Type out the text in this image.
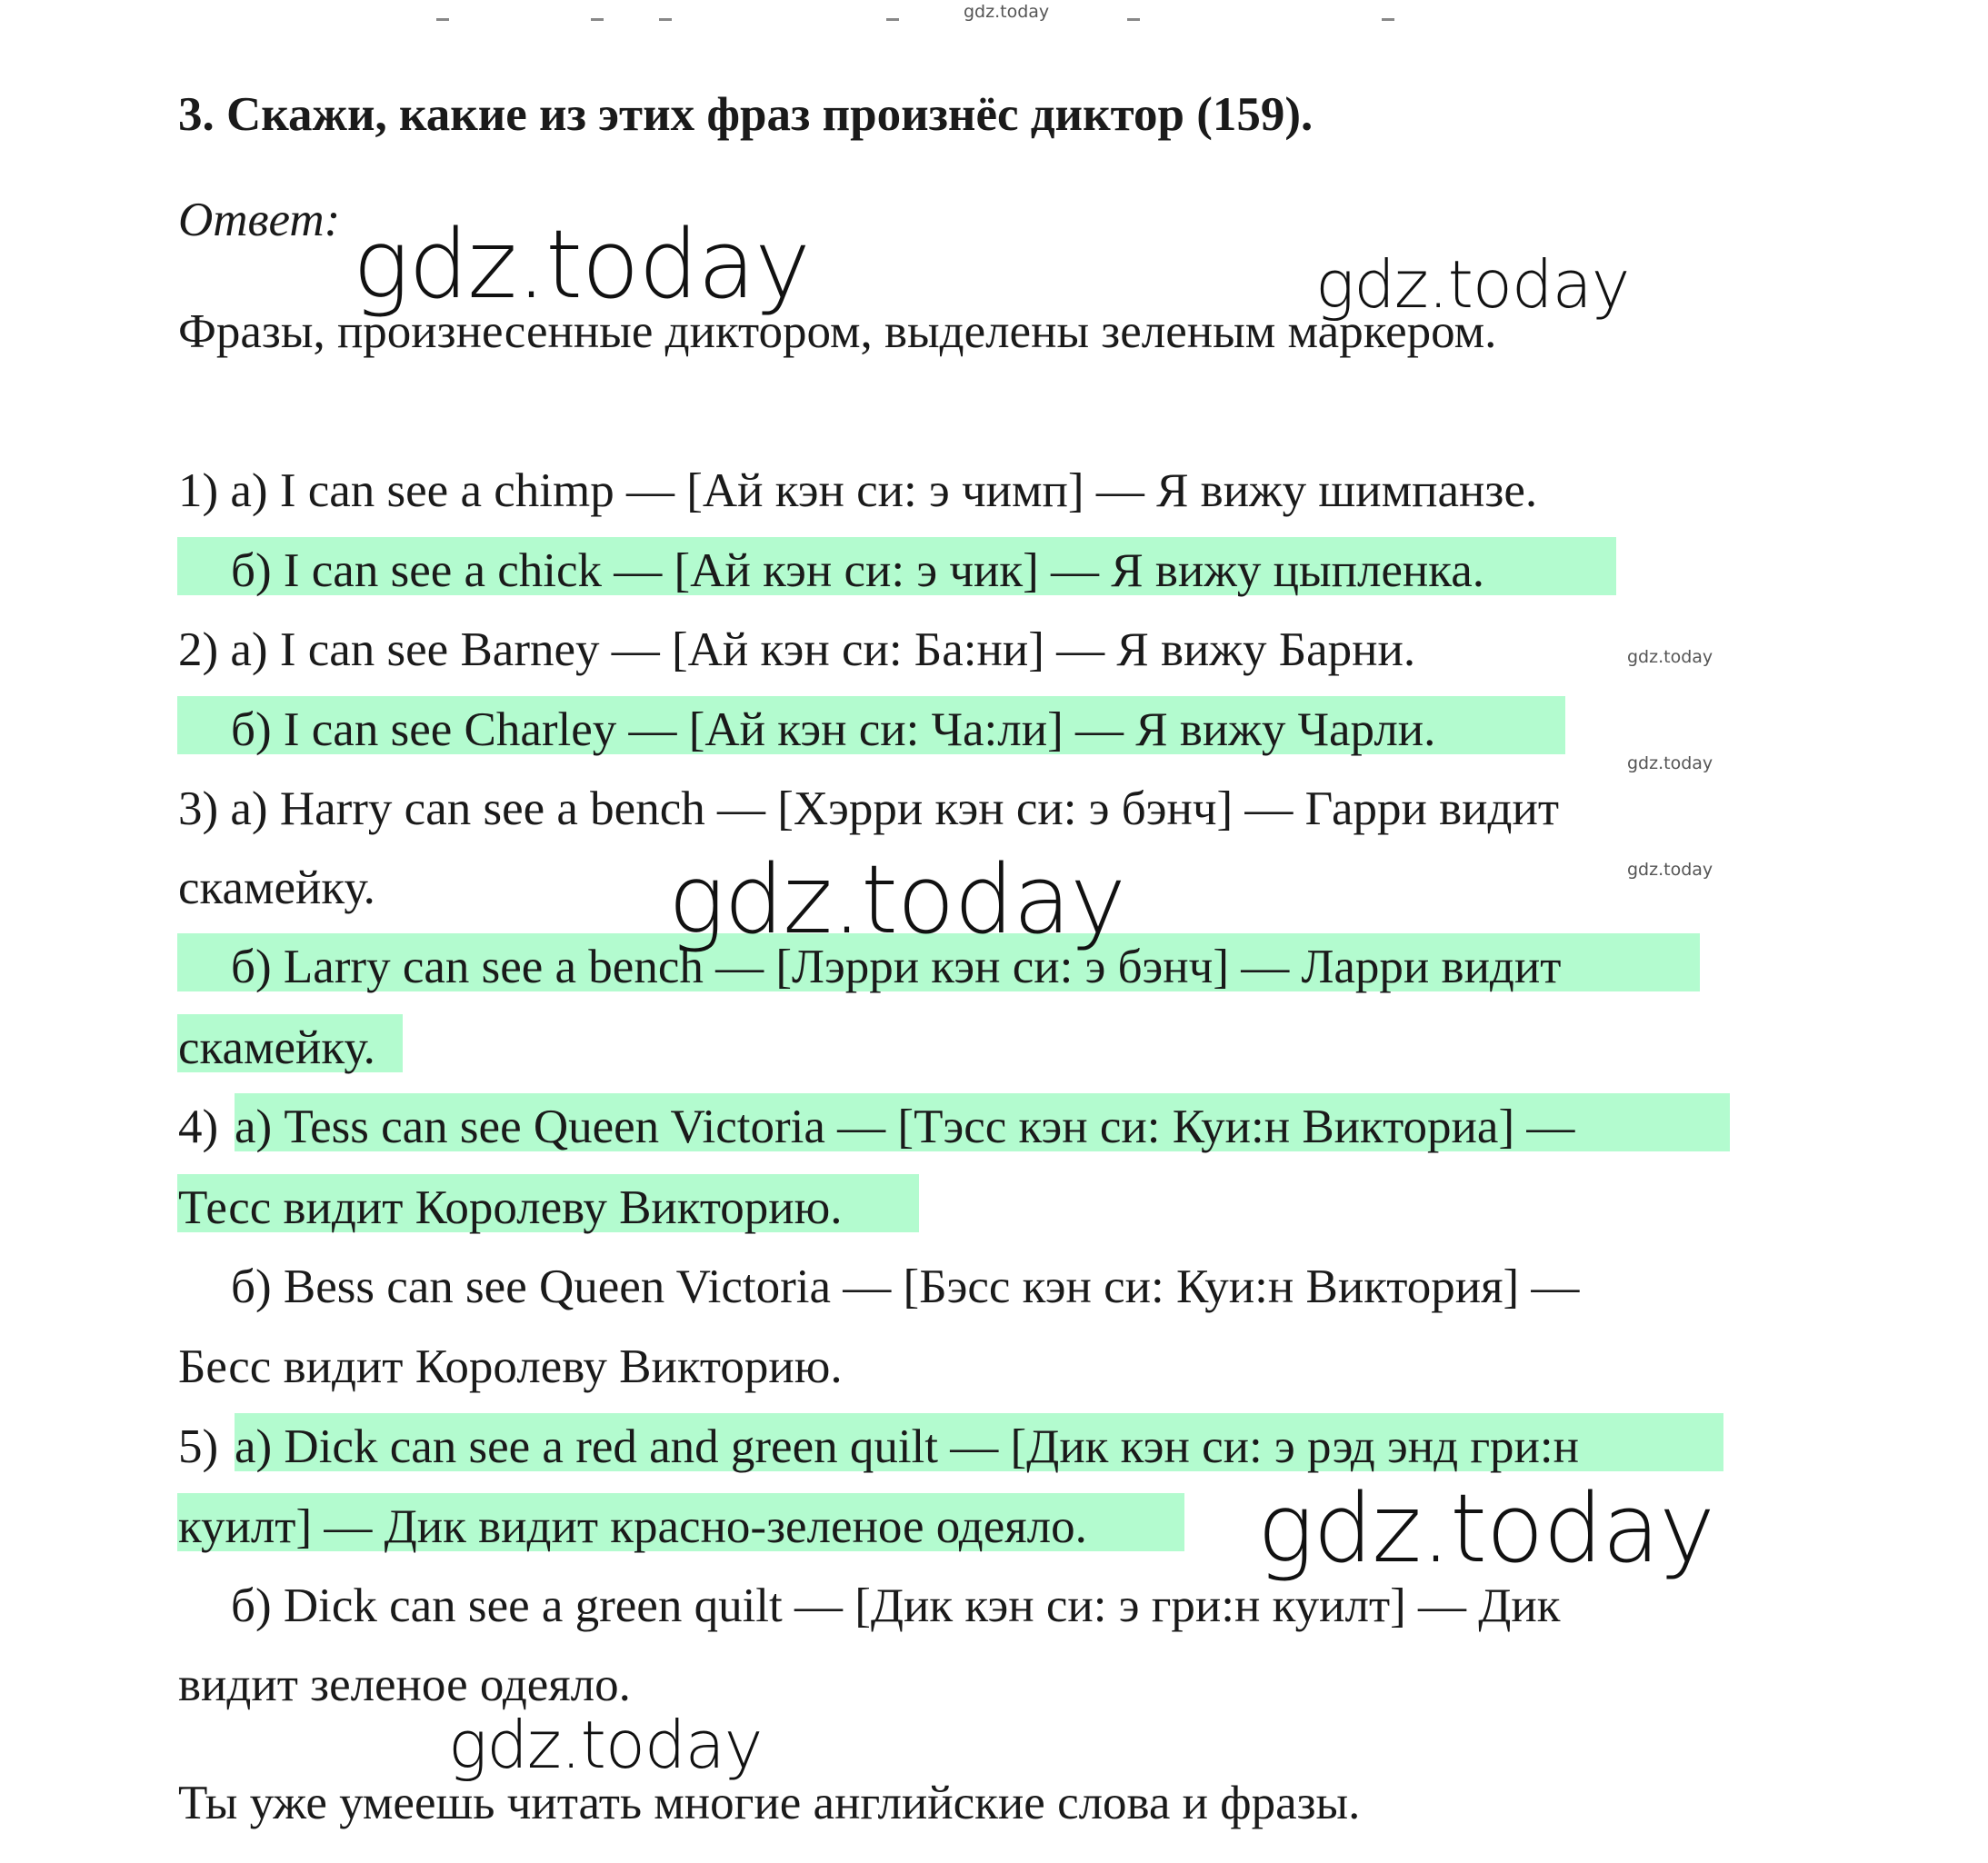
gdz.today
3. Скажи, какие из этих фраз произнёс диктор (159).
Ответ:
Фразы, произнесенные диктором, выделены зеленым маркером.
1) а) I can see a chimp — [Ай кэн си: э чимп] — Я вижу шимпанзе.
б) I can see a chick — [Ай кэн си: э чик] — Я вижу цыпленка.
2) а) I can see Barney — [Ай кэн си: Ба:ни] — Я вижу Барни.
б) I can see Charley — [Ай кэн си: Ча:ли] — Я вижу Чарли.
3) а) Harry can see a bench — [Хэрри кэн си: э бэнч] — Гарри видит
скамейку.
б) Larry can see a bench — [Лэрри кэн си: э бэнч] — Ларри видит
скамейку.
4) а) Tess can see Queen Victoria — [Тэсс кэн си: Куи:н Викториа] —
Тесс видит Королеву Викторию.
б) Bess can see Queen Victoria — [Бэсс кэн си: Куи:н Виктория] —
Бесс видит Королеву Викторию.
5) а) Dick can see a red and green quilt — [Дик кэн си: э рэд энд гри:н
куилт] — Дик видит красно-зеленое одеяло.
б) Dick can see a green quilt — [Дик кэн си: э гри:н куилт] — Дик
видит зеленое одеяло.
Ты уже умеешь читать многие английские слова и фразы.
gdz.today	gdz.today
gdz.today
gdz.today
gdz.today
gdz.today
gdz.today
gdz.today
